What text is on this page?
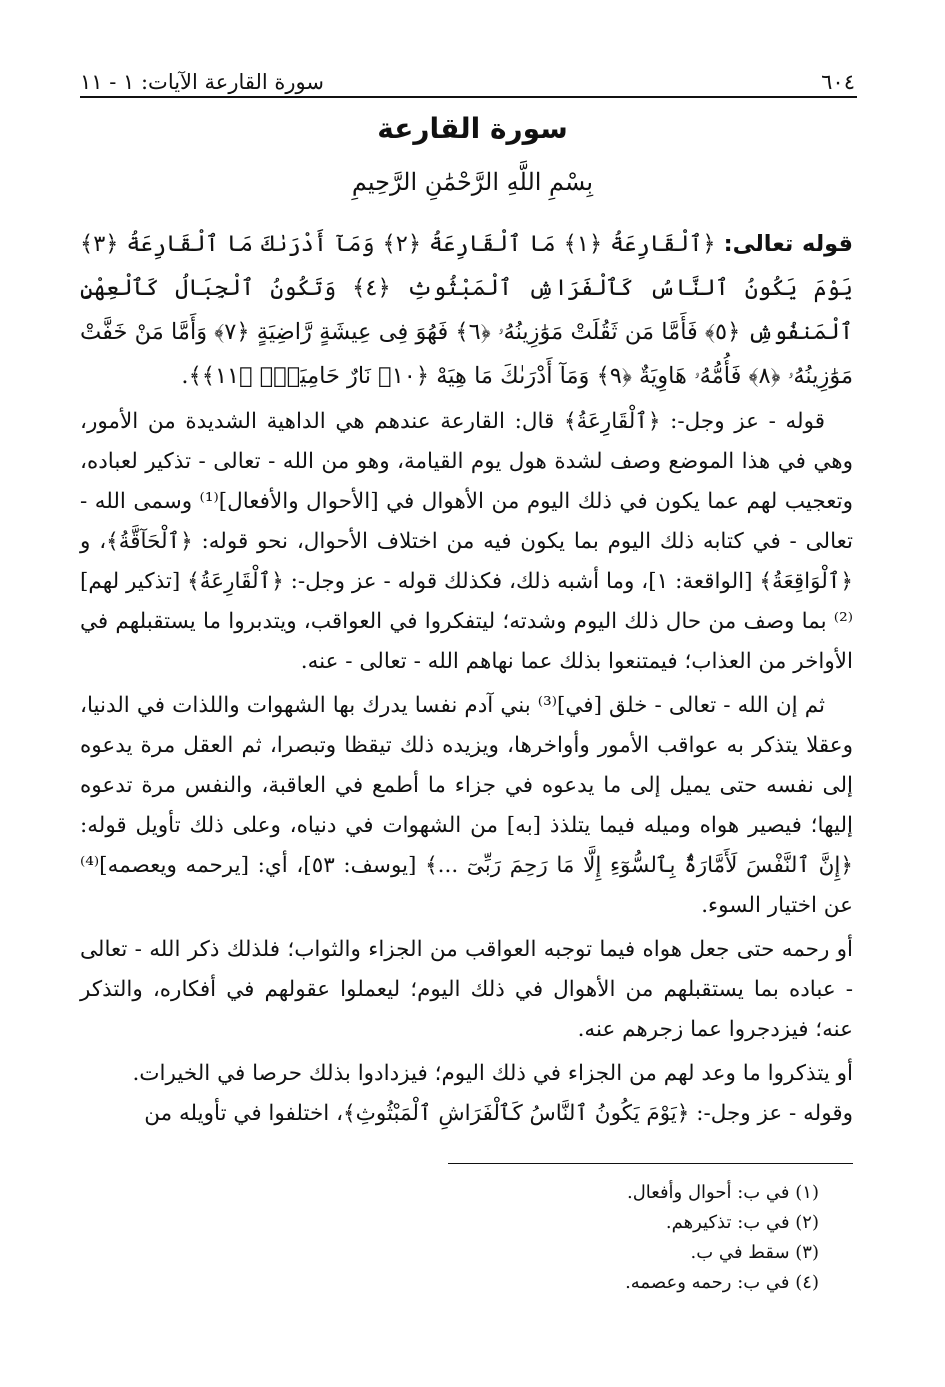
٦٠٤
سورة القارعة الآيات: ١ - ١١
سورة القارعة
بِسْمِ اللَّهِ الرَّحْمَٰنِ الرَّحِيمِ

قوله تعالى: ﴿ٱلْقَارِعَةُ ﴿١﴾ مَا ٱلْقَارِعَةُ ﴿٢﴾ وَمَآ أَدْرَىٰكَ مَا ٱلْقَارِعَةُ ﴿٣﴾ يَوْمَ يَكُونُ ٱلنَّاسُ كَٱلْفَرَاشِ ٱلْمَبْثُوثِ ﴿٤﴾ وَتَكُونُ ٱلْجِبَالُ كَٱلْعِهْنِ ٱلْمَنفُوشِ ﴿٥﴾ فَأَمَّا مَن ثَقُلَتْ مَوَٰزِينُهُۥ ﴿٦﴾ فَهُوَ فِى عِيشَةٍ رَّاضِيَةٍ ﴿٧﴾ وَأَمَّا مَنْ خَفَّتْ مَوَٰزِينُهُۥ ﴿٨﴾ فَأُمُّهُۥ هَاوِيَةٌ ﴿٩﴾ وَمَآ أَدْرَىٰكَ مَا هِيَهْ ﴿١٠﴾ نَارٌ حَامِيَةٌۢ ﴿١١﴾﴾.

قوله - عز وجل-: ﴿ٱلْقَارِعَةُ﴾ قال: القارعة عندهم هي الداهية الشديدة من الأمور، وهي في هذا الموضع وصف لشدة هول يوم القيامة، وهو من الله - تعالى - تذكير لعباده، وتعجيب لهم عما يكون في ذلك اليوم من الأهوال في [الأحوال والأفعال]⁽¹⁾ وسمى الله - تعالى - في كتابه ذلك اليوم بما يكون فيه من اختلاف الأحوال، نحو قوله: ﴿ٱلْحَآقَّةُ﴾، و ﴿ٱلْوَاقِعَةُ﴾ [الواقعة: ١]، وما أشبه ذلك، فكذلك قوله - عز وجل-: ﴿ٱلْقَارِعَةُ﴾ [تذكير لهم]⁽²⁾ بما وصف من حال ذلك اليوم وشدته؛ ليتفكروا في العواقب، ويتدبروا ما يستقبلهم في الأواخر من العذاب؛ فيمتنعوا بذلك عما نهاهم الله - تعالى - عنه.

ثم إن الله - تعالى - خلق [في]⁽³⁾ بني آدم نفسا يدرك بها الشهوات واللذات في الدنيا، وعقلا يتذكر به عواقب الأمور وأواخرها، ويزيده ذلك تيقظا وتبصرا، ثم العقل مرة يدعوه إلى نفسه حتى يميل إلى ما يدعوه في جزاء ما أطمع في العاقبة، والنفس مرة تدعوه إليها؛ فيصير هواه وميله فيما يتلذذ [به] من الشهوات في دنياه، وعلى ذلك تأويل قوله: ﴿إِنَّ ٱلنَّفْسَ لَأَمَّارَةٌۢ بِٱلسُّوٓءِ إِلَّا مَا رَحِمَ رَبِّىٓ ...﴾ [يوسف: ٥٣]، أي: [يرحمه ويعصمه]⁽⁴⁾ عن اختيار السوء.

أو رحمه حتى جعل هواه فيما توجبه العواقب من الجزاء والثواب؛ فلذلك ذكر الله - تعالى - عباده بما يستقبلهم من الأهوال في ذلك اليوم؛ ليعملوا عقولهم في أفكاره، والتذكر عنه؛ فيزدجروا عما زجرهم عنه.

أو يتذكروا ما وعد لهم من الجزاء في ذلك اليوم؛ فيزدادوا بذلك حرصا في الخيرات.

وقوله - عز وجل-: ﴿يَوْمَ يَكُونُ ٱلنَّاسُ كَٱلْفَرَاشِ ٱلْمَبْثُوثِ﴾، اختلفوا في تأويله من

(١) في ب: أحوال وأفعال.
(٢) في ب: تذكيرهم.
(٣) سقط في ب.
(٤) في ب: رحمه وعصمه.
